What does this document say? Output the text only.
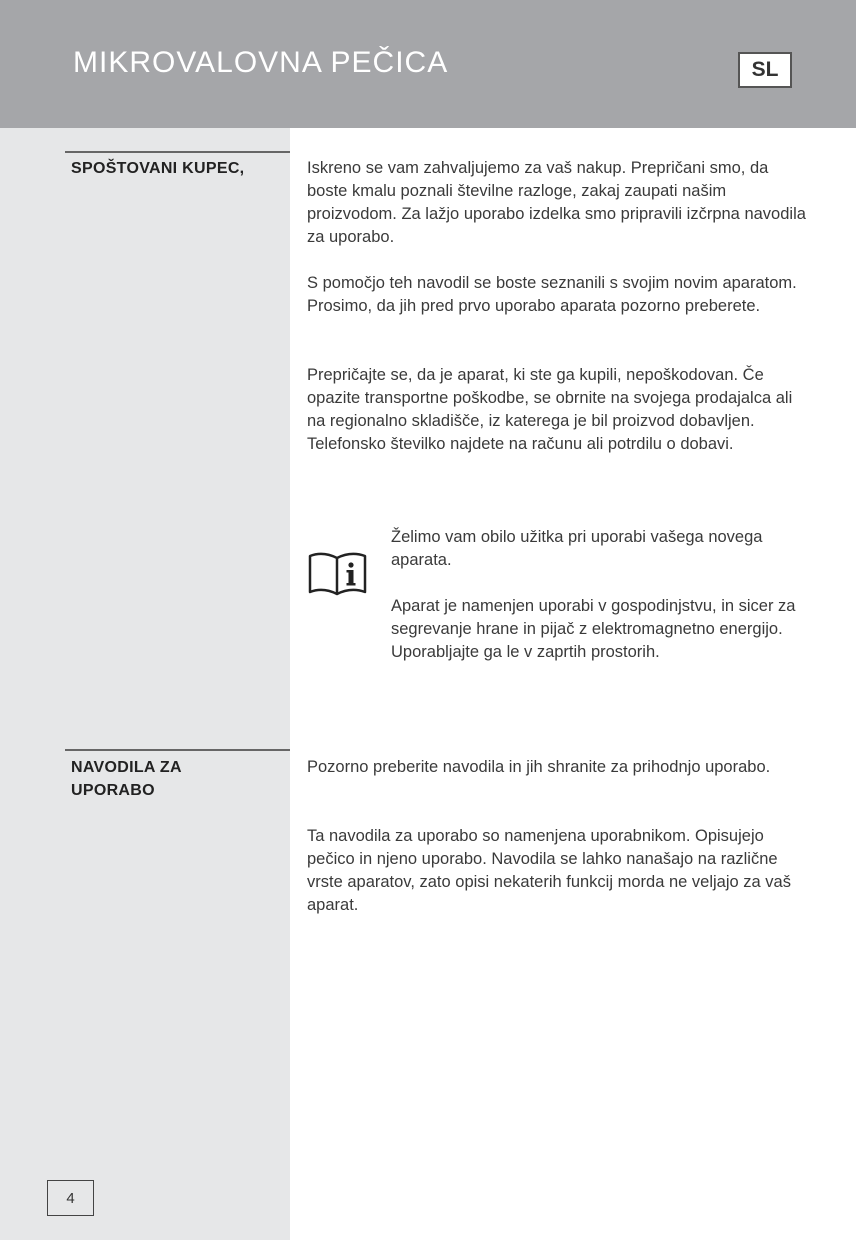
MIKROVALOVNA PEČICA	SL
SPOŠTOVANI KUPEC,	Iskreno se vam zahvaljujemo za vaš nakup. Prepričani smo, da boste kmalu poznali številne razloge, zakaj zaupati našim proizvodom. Za lažjo uporabo izdelka smo pripravili izčrpna navodila za uporabo.

S pomočjo teh navodil se boste seznanili s svojim novim aparatom. Prosimo, da jih pred prvo uporabo aparata pozorno preberete.

Prepričajte se, da je aparat, ki ste ga kupili, nepoškodovan. Če opazite transportne poškodbe, se obrnite na svojega prodajalca ali na regionalno skladišče, iz katerega je bil proizvod dobavljen. Telefonsko številko najdete na računu ali potrdilu o dobavi.

Želimo vam obilo užitka pri uporabi vašega novega aparata.

Aparat je namenjen uporabi v gospodinjstvu, in sicer za segrevanje hrane in pijač z elektromagnetno energijo. Uporabljajte ga le v zaprtih prostorih.

NAVODILA ZA
UPORABO

Pozorno preberite navodila in jih shranite za prihodnjo uporabo.

Ta navodila za uporabo so namenjena uporabnikom. Opisujejo pečico in njeno uporabo. Navodila se lahko nanašajo na različne vrste aparatov, zato opisi nekaterih funkcij morda ne veljajo za vaš aparat.

4
